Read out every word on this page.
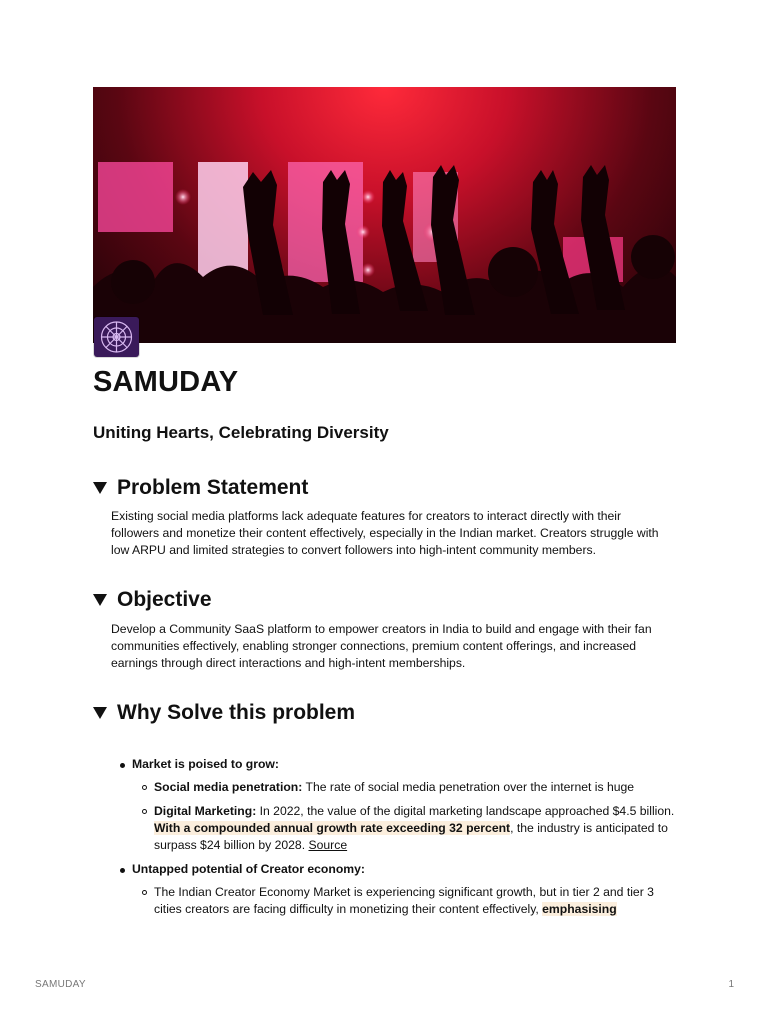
SAMUDAY
Uniting Hearts, Celebrating Diversity
Problem Statement

Existing social media platforms lack adequate features for creators to interact directly with their followers and monetize their content effectively, especially in the Indian market. Creators struggle with low ARPU and limited strategies to convert followers into high-intent community members.

Objective

Develop a Community SaaS platform to empower creators in India to build and engage with their fan communities effectively, enabling stronger connections, premium content offerings, and increased earnings through direct interactions and high-intent memberships.

Why Solve this problem
Market is poised to grow:
Social media penetration: The rate of social media penetration over the internet is huge
Digital Marketing: In 2022, the value of the digital marketing landscape approached $4.5 billion. With a compounded annual growth rate exceeding 32 percent, the industry is anticipated to surpass $24 billion by 2028. Source
Untapped potential of Creator economy:
The Indian Creator Economy Market is experiencing significant growth, but in tier 2 and tier 3 cities creators are facing difficulty in monetizing their content effectively, emphasising
SAMUDAY	1
